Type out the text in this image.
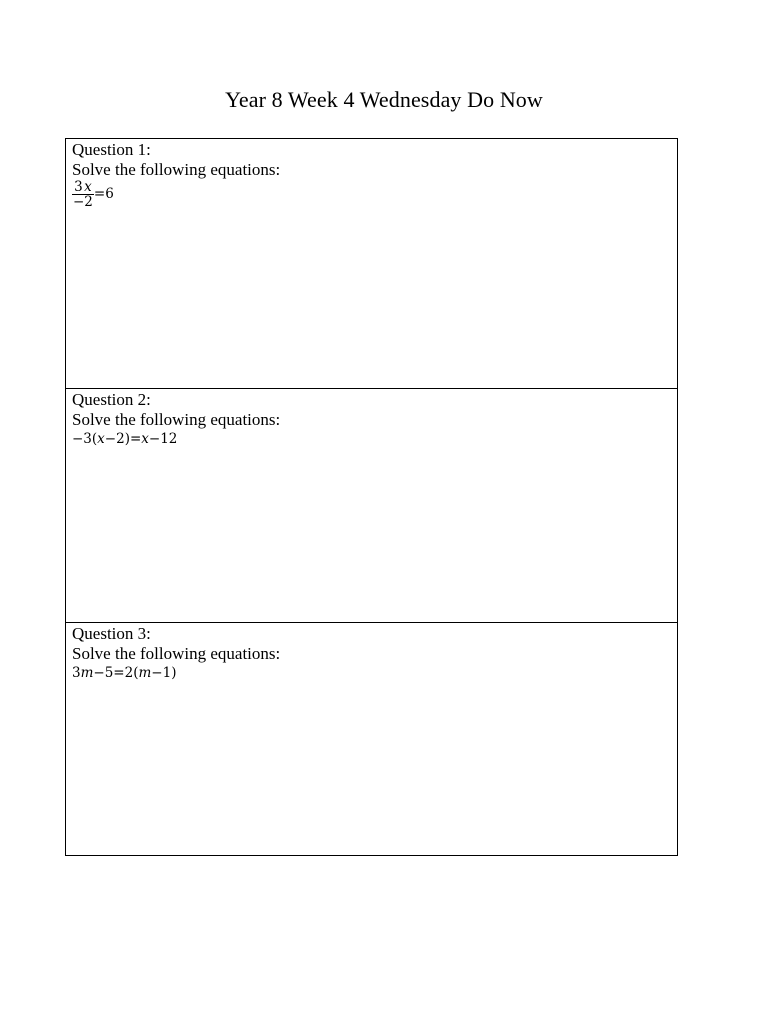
Year 8 Week 4 Wednesday Do Now
Question 1:
Solve the following equations:
$\frac{3 x}{-2} =6$

Question 2:
Solve the following equations:
−3(x−2)=x−12

Question 3:
Solve the following equations:
3m−5=2(m−1)
